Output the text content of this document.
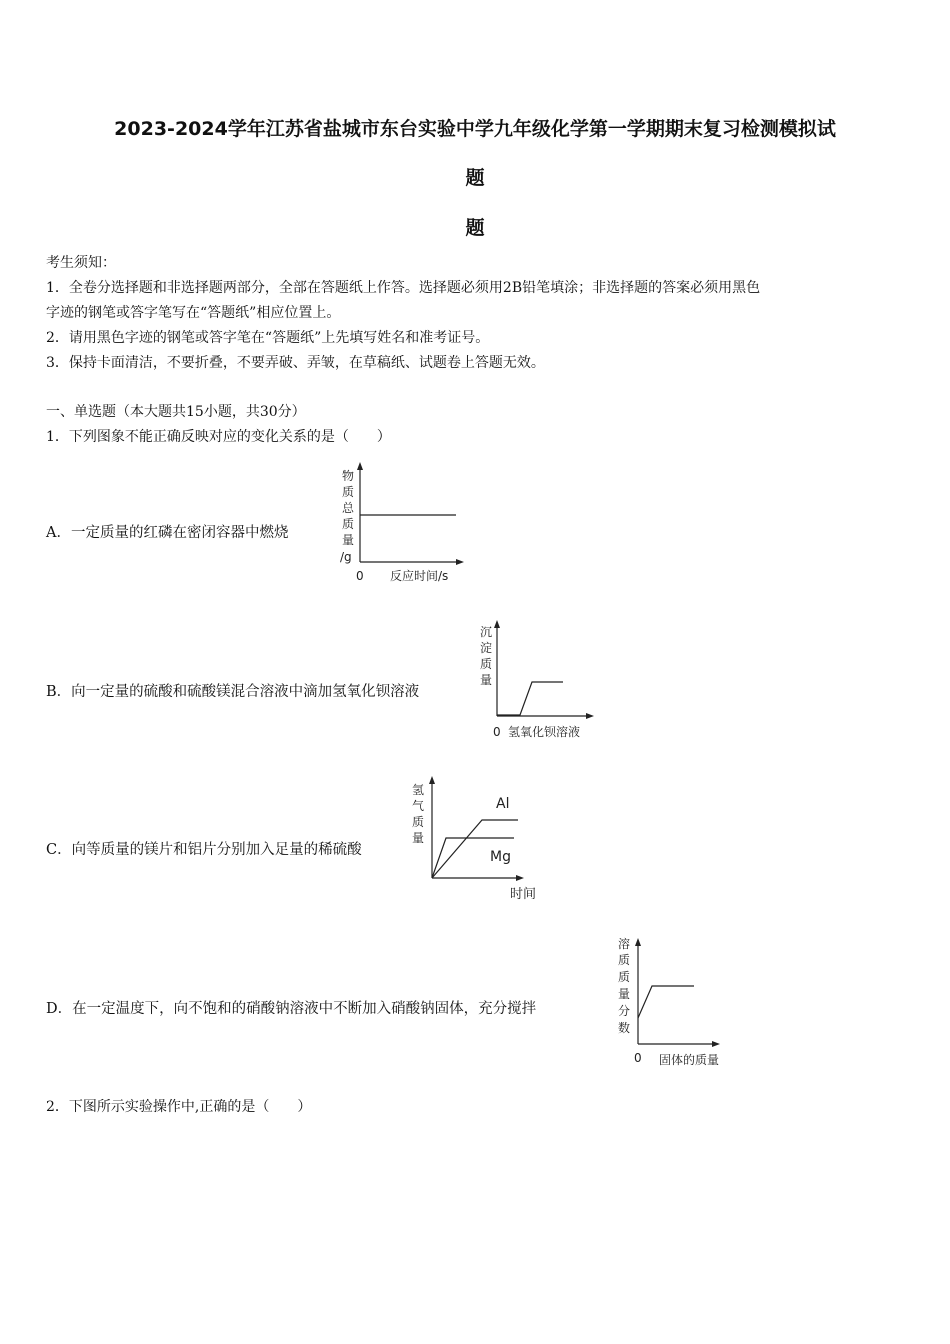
2023-2024学年江苏省盐城市东台实验中学九年级化学第一学期期末复习检测模拟试
题
题
考生须知：
1．全卷分选择题和非选择题两部分，全部在答题纸上作答。选择题必须用2B铅笔填涂；非选择题的答案必须用黑色
字迹的钢笔或答字笔写在“答题纸”相应位置上。
2．请用黑色字迹的钢笔或答字笔在“答题纸”上先填写姓名和准考证号。
3．保持卡面清洁，不要折叠，不要弄破、弄皱，在草稿纸、试题卷上答题无效。
一、单选题（本大题共15小题，共30分）
1．下列图象不能正确反映对应的变化关系的是（　　）
A．一定质量的红磷在密闭容器中燃烧
物
质
总
质
量
/g
0 反应时间/s
B．向一定量的硫酸和硫酸镁混合溶液中滴加氢氧化钡溶液
沉
淀
质
量
0 氢氧化钡溶液
C．向等质量的镁片和铝片分别加入足量的稀硫酸
氢
气
质
量
Al
Mg
时间
D．在一定温度下，向不饱和的硝酸钠溶液中不断加入硝酸钠固体，充分搅拌
溶
质
质
量
分
数
0 固体的质量
2．下图所示实验操作中,正确的是（　　）
